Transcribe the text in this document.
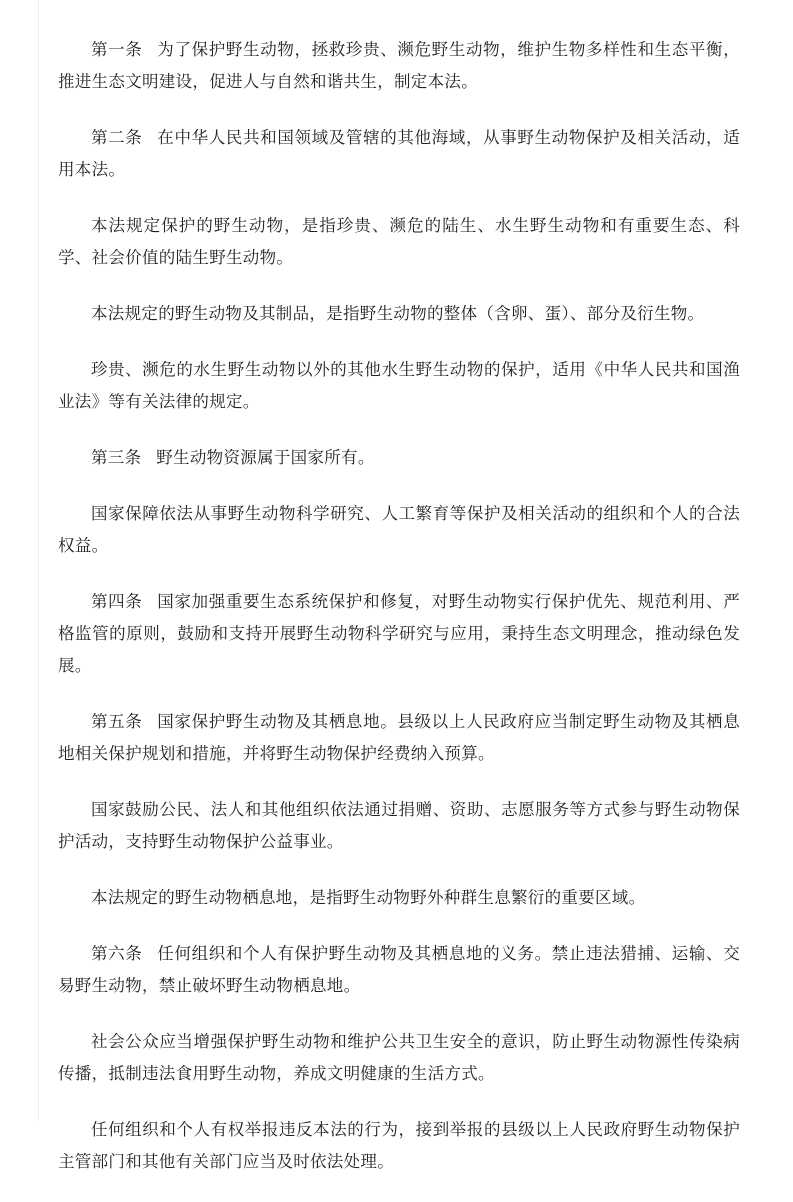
第一条 为了保护野生动物，拯救珍贵、濒危野生动物，维护生物多样性和生态平衡，推进生态文明建设，促进人与自然和谐共生，制定本法。

第二条 在中华人民共和国领域及管辖的其他海域，从事野生动物保护及相关活动，适用本法。

本法规定保护的野生动物，是指珍贵、濒危的陆生、水生野生动物和有重要生态、科学、社会价值的陆生野生动物。

本法规定的野生动物及其制品，是指野生动物的整体（含卵、蛋）、部分及衍生物。

珍贵、濒危的水生野生动物以外的其他水生野生动物的保护，适用《中华人民共和国渔业法》等有关法律的规定。

第三条 野生动物资源属于国家所有。

国家保障依法从事野生动物科学研究、人工繁育等保护及相关活动的组织和个人的合法权益。

第四条 国家加强重要生态系统保护和修复，对野生动物实行保护优先、规范利用、严格监管的原则，鼓励和支持开展野生动物科学研究与应用，秉持生态文明理念，推动绿色发展。

第五条 国家保护野生动物及其栖息地。县级以上人民政府应当制定野生动物及其栖息地相关保护规划和措施，并将野生动物保护经费纳入预算。

国家鼓励公民、法人和其他组织依法通过捐赠、资助、志愿服务等方式参与野生动物保护活动，支持野生动物保护公益事业。

本法规定的野生动物栖息地，是指野生动物野外种群生息繁衍的重要区域。

第六条 任何组织和个人有保护野生动物及其栖息地的义务。禁止违法猎捕、运输、交易野生动物，禁止破坏野生动物栖息地。

社会公众应当增强保护野生动物和维护公共卫生安全的意识，防止野生动物源性传染病传播，抵制违法食用野生动物，养成文明健康的生活方式。

任何组织和个人有权举报违反本法的行为，接到举报的县级以上人民政府野生动物保护主管部门和其他有关部门应当及时依法处理。
